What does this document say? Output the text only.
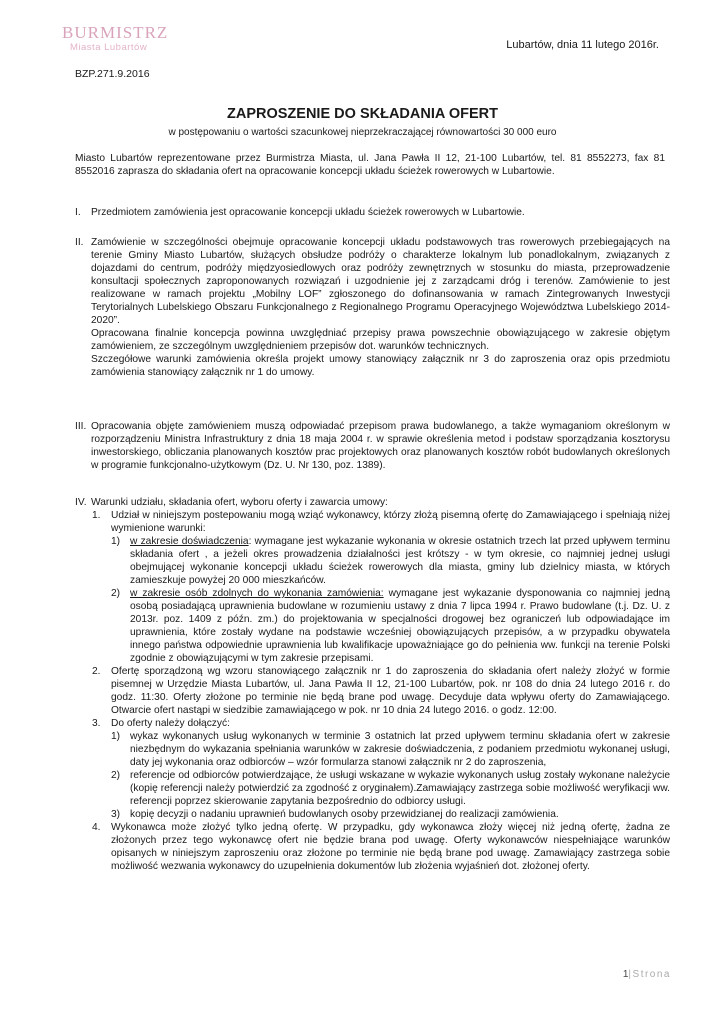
BURMISTRZ
Miasta Lubartów	Lubartów, dnia 11 lutego 2016r.
BZP.271.9.2016
ZAPROSZENIE DO SKŁADANIA OFERT
w postępowaniu o wartości szacunkowej nieprzekraczającej równowartości 30 000 euro
Miasto Lubartów reprezentowane przez Burmistrza Miasta, ul. Jana Pawła II 12, 21-100 Lubartów, tel. 81 8552273, fax 81 8552016 zaprasza do składania ofert na opracowanie koncepcji układu ścieżek rowerowych w Lubartowie.
I.	Przedmiotem zamówienia jest opracowanie koncepcji układu ścieżek rowerowych w Lubartowie.
II. Zamówienie w szczególności obejmuje opracowanie koncepcji układu podstawowych tras rowerowych przebiegających na terenie Gminy Miasto Lubartów, służących obsłudze podróży o charakterze lokalnym lub ponadlokalnym, związanych z dojazdami do centrum, podróży międzyosiedlowych oraz podróży zewnętrznych w stosunku do miasta, przeprowadzenie konsultacji społecznych zaproponowanych rozwiązań i uzgodnienie jej z zarządcami dróg i terenów. Zamówienie to jest realizowane w ramach projektu „Mobilny LOF” zgłoszonego do dofinansowania w ramach Zintegrowanych Inwestycji Terytorialnych Lubelskiego Obszaru Funkcjonalnego z Regionalnego Programu Operacyjnego Województwa Lubelskiego 2014-2020”.

Opracowana finalnie koncepcja powinna uwzględniać przepisy prawa powszechnie obowiązującego w zakresie objętym zamówieniem, ze szczególnym uwzględnieniem przepisów dot. warunków technicznych.

Szczegółowe warunki zamówienia określa projekt umowy stanowiący załącznik nr 3 do zaproszenia oraz opis przedmiotu zamówienia stanowiący załącznik nr 1 do umowy.

III. Opracowania objęte zamówieniem muszą odpowiadać przepisom prawa budowlanego, a także wymaganiom określonym w rozporządzeniu Ministra Infrastruktury z dnia 18 maja 2004 r. w sprawie określenia metod i podstaw sporządzania kosztorysu inwestorskiego, obliczania planowanych kosztów prac projektowych oraz planowanych kosztów robót budowlanych określonych w programie funkcjonalno-użytkowym (Dz. U. Nr 130, poz. 1389).
IV. Warunki udziału, składania ofert, wyboru oferty i zawarcia umowy:
1.	Udział w niniejszym postepowaniu mogą wziąć wykonawcy, którzy złożą pisemną ofertę do Zamawiającego i spełniają niżej wymienione warunki:
1) w zakresie doświadczenia: wymagane jest wykazanie wykonania w okresie ostatnich trzech lat przed upływem terminu składania ofert , a jeżeli okres prowadzenia działalności jest krótszy - w tym okresie, co najmniej jednej usługi obejmującej wykonanie koncepcji układu ścieżek rowerowych dla miasta, gminy lub dzielnicy miasta, w których zamieszkuje powyżej 20 000 mieszkańców.
2) w zakresie osób zdolnych do wykonania zamówienia: wymagane jest wykazanie dysponowania co najmniej jedną osobą posiadającą uprawnienia budowlane w rozumieniu ustawy z dnia 7 lipca 1994 r. Prawo budowlane (t.j. Dz. U. z 2013r. poz. 1409 z późn. zm.) do projektowania w specjalności drogowej bez ograniczeń lub odpowiadające im uprawnienia, które zostały wydane na podstawie wcześniej obowiązujących przepisów, a w przypadku obywatela innego państwa odpowiednie uprawnienia lub kwalifikacje upoważniające go do pełnienia ww. funkcji na terenie Polski zgodnie z obowiązującymi w tym zakresie przepisami.
2.	Ofertę sporządzoną wg wzoru stanowiącego załącznik nr 1 do zaproszenia do składania ofert należy złożyć w formie pisemnej w Urzędzie Miasta Lubartów, ul. Jana Pawła II 12, 21-100 Lubartów, pok. nr 108 do dnia 24 lutego 2016 r. do godz. 11:30. Oferty złożone po terminie nie będą brane pod uwagę. Decyduje data wpływu oferty do Zamawiającego. Otwarcie ofert nastąpi w siedzibie zamawiającego w pok. nr 10 dnia 24 lutego 2016. o godz. 12:00.
3.	Do oferty należy dołączyć:
1) wykaz wykonanych usług wykonanych w terminie 3 ostatnich lat przed upływem terminu składania ofert w zakresie niezbędnym do wykazania spełniania warunków w zakresie doświadczenia, z podaniem przedmiotu wykonanej usługi, daty jej wykonania oraz odbiorców – wzór formularza stanowi załącznik nr 2 do zaproszenia,
2) referencje od odbiorców potwierdzające, że usługi wskazane w wykazie wykonanych usług zostały wykonane należycie (kopię referencji należy potwierdzić za zgodność z oryginałem).Zamawiający zastrzega sobie możliwość weryfikacji ww. referencji poprzez skierowanie zapytania bezpośrednio do odbiorcy usługi.
3) kopię decyzji o nadaniu uprawnień budowlanych osoby przewidzianej do realizacji zamówienia.
4.	Wykonawca może złożyć tylko jedną ofertę. W przypadku, gdy wykonawca złoży więcej niż jedną ofertę, żadna ze złożonych przez tego wykonawcę ofert nie będzie brana pod uwagę. Oferty wykonawców niespełniające warunków opisanych w niniejszym zaproszeniu oraz złożone po terminie nie będą brane pod uwagę. Zamawiający zastrzega sobie możliwość wezwania wykonawcy do uzupełnienia dokumentów lub złożenia wyjaśnień dot. złożonej oferty.
1|Strona
